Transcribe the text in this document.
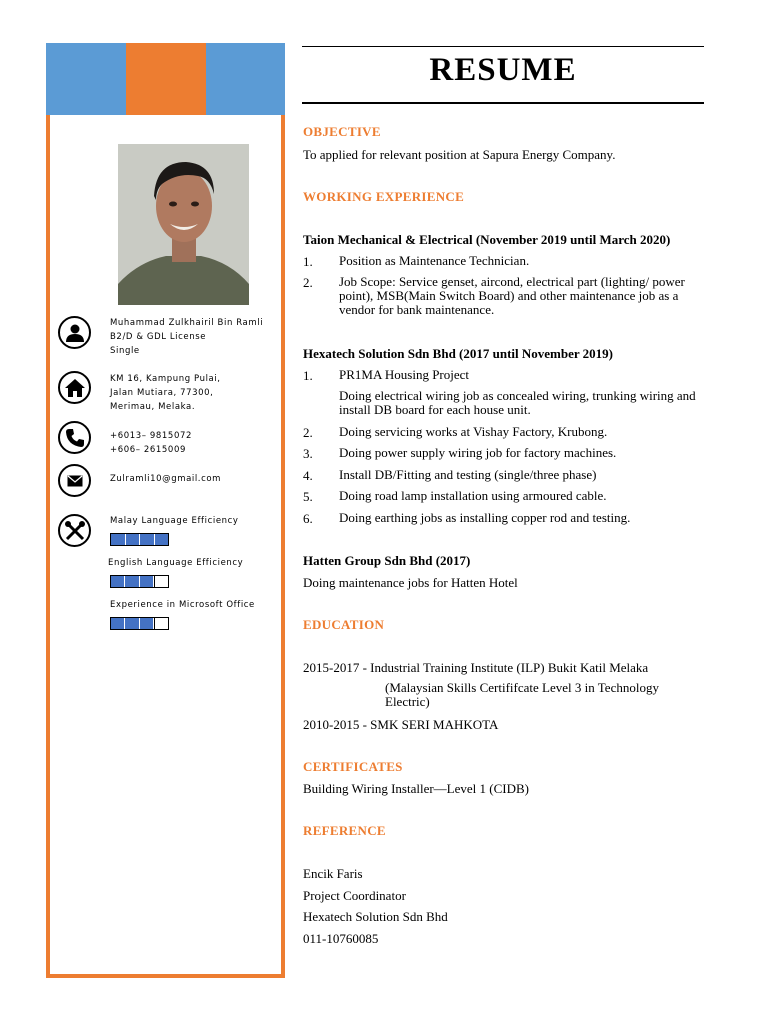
Muhammad Zulkhairil Bin Ramli
B2/D & GDL License
Single
KM 16, Kampung Pulai,
Jalan Mutiara, 77300,
Merimau, Melaka.
+6013– 9815072
+606– 2615009
Zulramli10@gmail.com
Malay Language Efficiency
English Language Efficiency
Experience in Microsoft Office
RESUME
OBJECTIVE
To applied for relevant position at Sapura Energy Company.
WORKING EXPERIENCE
Taion Mechanical & Electrical (November 2019 until March 2020)
1. Position as Maintenance Technician.
2. Job Scope: Service genset, aircond, electrical part (lighting/ power point), MSB(Main Switch Board) and other maintenance job as a vendor for bank maintenance.
Hexatech Solution Sdn Bhd (2017 until November 2019)
1. PR1MA Housing Project
Doing electrical wiring job as concealed wiring, trunking wiring and install DB board for each house unit.
2. Doing servicing works at Vishay Factory, Krubong.
3. Doing power supply wiring job for factory machines.
4. Install DB/Fitting and testing (single/three phase)
5. Doing road lamp installation using armoured cable.
6. Doing earthing jobs as installing copper rod and testing.
Hatten Group Sdn Bhd (2017)
Doing maintenance jobs for Hatten Hotel
EDUCATION
2015-2017 - Industrial Training Institute (ILP) Bukit Katil Melaka
(Malaysian Skills Certififcate Level 3 in Technology Electric)
2010-2015 - SMK SERI MAHKOTA
CERTIFICATES
Building Wiring Installer—Level 1 (CIDB)
REFERENCE
Encik Faris
Project Coordinator
Hexatech Solution Sdn Bhd
011-10760085
